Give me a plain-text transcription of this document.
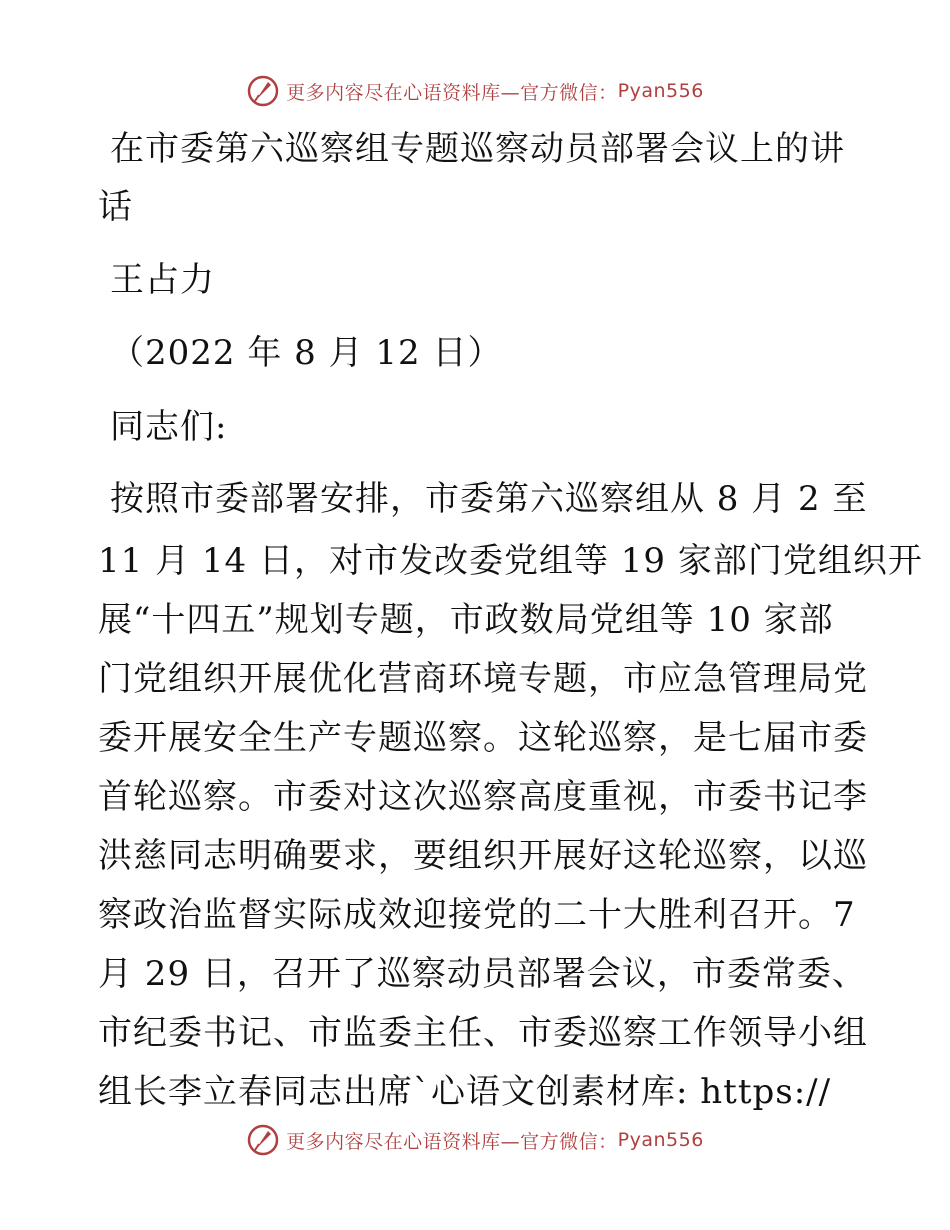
更多内容尽在心语资料库—官方微信： Pyan556
在市委第六巡察组专题巡察动员部署会议上的讲
话
王占力
（2022 年 8 月 12 日）
同志们:
按照市委部署安排，市委第六巡察组从 8 月 2 至
11 月 14 日，对市发改委党组等 19 家部门党组织开
展“十四五”规划专题，市政数局党组等 10 家部
门党组织开展优化营商环境专题，市应急管理局党
委开展安全生产专题巡察。这轮巡察，是七届市委
首轮巡察。市委对这次巡察高度重视，市委书记李
洪慈同志明确要求，要组织开展好这轮巡察，以巡
察政治监督实际成效迎接党的二十大胜利召开。7
月 29 日，召开了巡察动员部署会议，市委常委、
市纪委书记、市监委主任、市委巡察工作领导小组
组长李立春同志出席`心语文创素材库: https://
更多内容尽在心语资料库—官方微信： Pyan556
